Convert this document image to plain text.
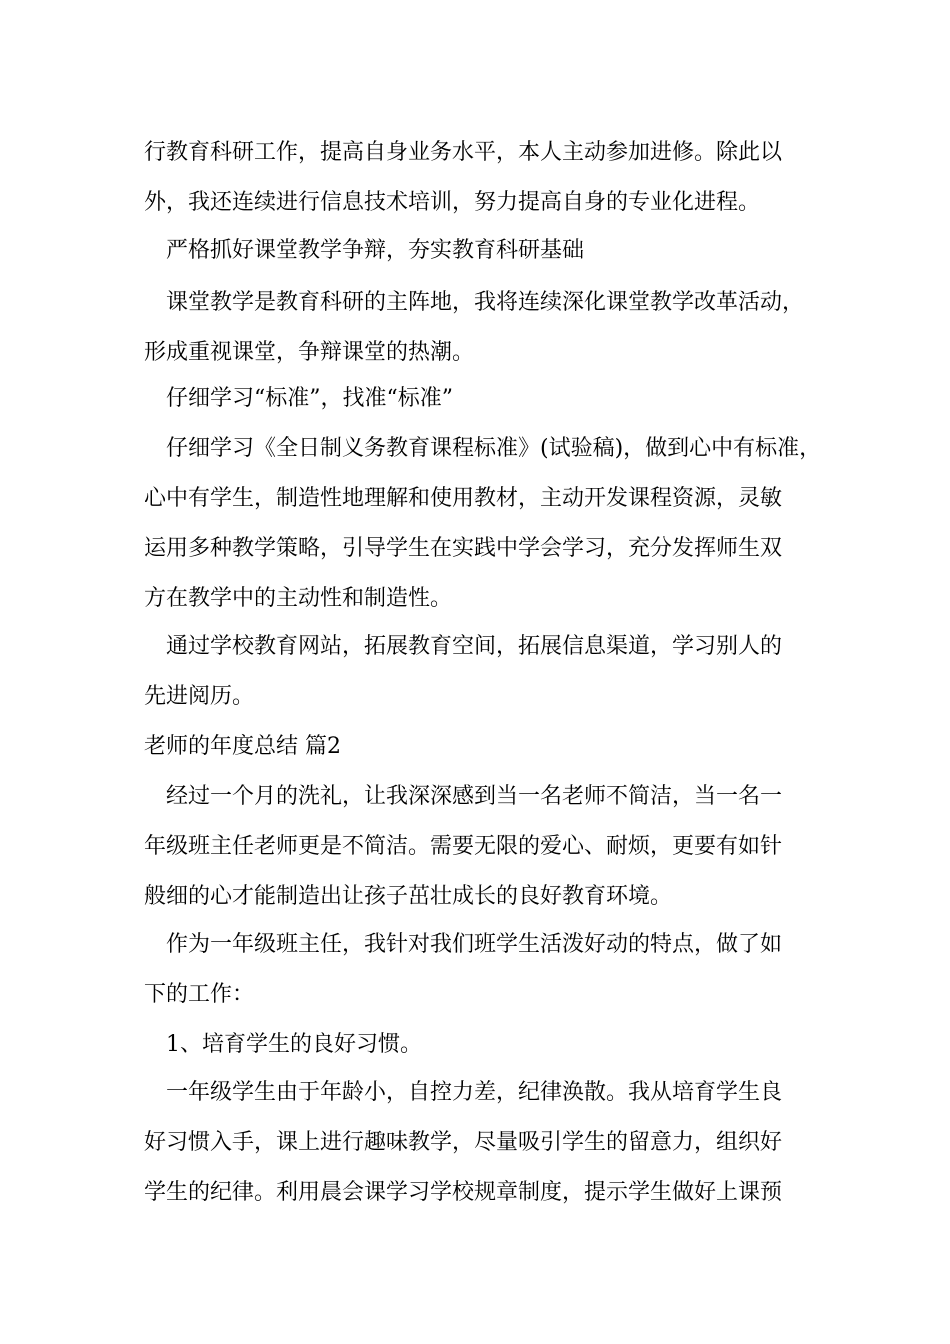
行教育科研工作，提高自身业务水平，本人主动参加进修。除此以
外，我还连续进行信息技术培训，努力提高自身的专业化进程。
严格抓好课堂教学争辩，夯实教育科研基础
课堂教学是教育科研的主阵地，我将连续深化课堂教学改革活动，
形成重视课堂，争辩课堂的热潮。
仔细学习“标准”，找准“标准”
仔细学习《全日制义务教育课程标准》(试验稿)，做到心中有标准，
心中有学生，制造性地理解和使用教材，主动开发课程资源，灵敏
运用多种教学策略，引导学生在实践中学会学习，充分发挥师生双
方在教学中的主动性和制造性。
通过学校教育网站，拓展教育空间，拓展信息渠道，学习别人的
先进阅历。
老师的年度总结 篇2
经过一个月的洗礼，让我深深感到当一名老师不简洁，当一名一
年级班主任老师更是不简洁。需要无限的爱心、耐烦，更要有如针
般细的心才能制造出让孩子茁壮成长的良好教育环境。
作为一年级班主任，我针对我们班学生活泼好动的特点，做了如
下的工作：
1、培育学生的良好习惯。
一年级学生由于年龄小，自控力差，纪律涣散。我从培育学生良
好习惯入手，课上进行趣味教学，尽量吸引学生的留意力，组织好
学生的纪律。利用晨会课学习学校规章制度，提示学生做好上课预
